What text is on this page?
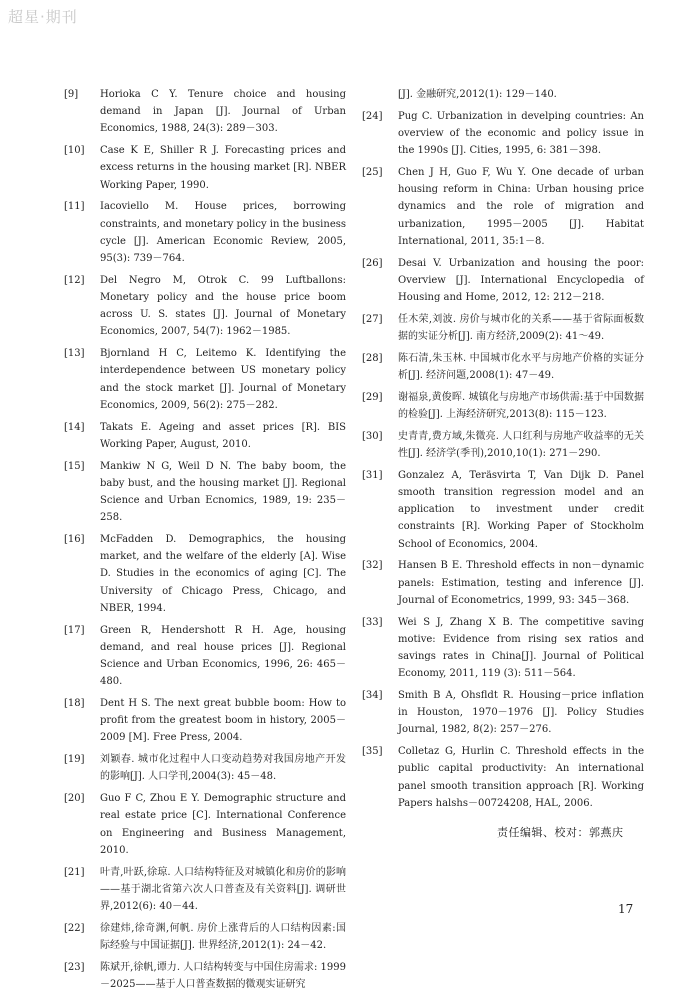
超星·期刊
[9]	Horioka C Y. Tenure choice and housing demand in Japan [J]. Journal of Urban Economics, 1988, 24(3): 289－303.
[10]	Case K E, Shiller R J. Forecasting prices and excess returns in the housing market [R]. NBER Working Paper, 1990.
[11]	Iacoviello M. House prices, borrowing constraints, and monetary policy in the business cycle [J]. American Economic Review, 2005, 95(3): 739－764.
[12]	Del Negro M, Otrok C. 99 Luftballons: Monetary policy and the house price boom across U. S. states [J]. Journal of Monetary Economics, 2007, 54(7): 1962－1985.
[13]	Bjornland H C, Leitemo K. Identifying the interdependence between US monetary policy and the stock market [J]. Journal of Monetary Economics, 2009, 56(2): 275－282.
[14]	Takats E. Ageing and asset prices [R]. BIS Working Paper, August, 2010.
[15]	Mankiw N G, Weil D N. The baby boom, the baby bust, and the housing market [J]. Regional Science and Urban Ecnomics, 1989, 19: 235－258.
[16]	McFadden D. Demographics, the housing market, and the welfare of the elderly [A]. Wise D. Studies in the economics of aging [C]. The University of Chicago Press, Chicago, and NBER, 1994.
[17]	Green R, Hendershott R H. Age, housing demand, and real house prices [J]. Regional Science and Urban Economics, 1996, 26: 465－480.
[18]	Dent H S. The next great bubble boom: How to profit from the greatest boom in history, 2005－2009 [M]. Free Press, 2004.
[19]	刘颖春. 城市化过程中人口变动趋势对我国房地产开发的影响[J]. 人口学刊,2004(3): 45－48.
[20]	Guo F C, Zhou E Y. Demographic structure and real estate price [C]. International Conference on Engineering and Business Management, 2010.
[21]	叶青,叶跃,徐琼. 人口结构特征及对城镇化和房价的影响——基于湖北省第六次人口普查及有关资料[J]. 调研世界,2012(6): 40－44.
[22]	徐建炜,徐奇渊,何帆. 房价上涨背后的人口结构因素:国际经验与中国证据[J]. 世界经济,2012(1): 24－42.
[23]	陈斌开,徐帆,谭力. 人口结构转变与中国住房需求: 1999－2025——基于人口普查数据的微观实证研究
[J]. 金融研究,2012(1): 129－140.
[24]	Pug C. Urbanization in develping countries: An overview of the economic and policy issue in the 1990s [J]. Cities, 1995, 6: 381－398.
[25]	Chen J H, Guo F, Wu Y. One decade of urban housing reform in China: Urban housing price dynamics and the role of migration and urbanization, 1995－2005 [J]. Habitat International, 2011, 35:1－8.
[26]	Desai V. Urbanization and housing the poor: Overview [J]. International Encyclopedia of Housing and Home, 2012, 12: 212－218.
[27]	任木荣,刘波. 房价与城市化的关系——基于省际面板数据的实证分析[J]. 南方经济,2009(2): 41～49.
[28]	陈石清,朱玉林. 中国城市化水平与房地产价格的实证分析[J]. 经济问题,2008(1): 47－49.
[29]	谢福泉,黄俊晖. 城镇化与房地产市场供需:基于中国数据的检验[J]. 上海经济研究,2013(8): 115－123.
[30]	史青青,费方域,朱微亮. 人口红利与房地产收益率的无关性[J]. 经济学(季刊),2010,10(1): 271－290.
[31]	Gonzalez A, Teräsvirta T, Van Dijk D. Panel smooth transition regression model and an application to investment under credit constraints [R]. Working Paper of Stockholm School of Economics, 2004.
[32]	Hansen B E. Threshold effects in non－dynamic panels: Estimation, testing and inference [J]. Journal of Econometrics, 1999, 93: 345－368.
[33]	Wei S J, Zhang X B. The competitive saving motive: Evidence from rising sex ratios and savings rates in China[J]. Journal of Political Economy, 2011, 119 (3): 511－564.
[34]	Smith B A, Ohsfldt R. Housing－price inflation in Houston, 1970－1976 [J]. Policy Studies Journal, 1982, 8(2): 257－276.
[35]	Colletaz G, Hurlin C. Threshold effects in the public capital productivity: An international panel smooth transition approach [R]. Working Papers halshs－00724208, HAL, 2006.
责任编辑、校对：郭燕庆
17
